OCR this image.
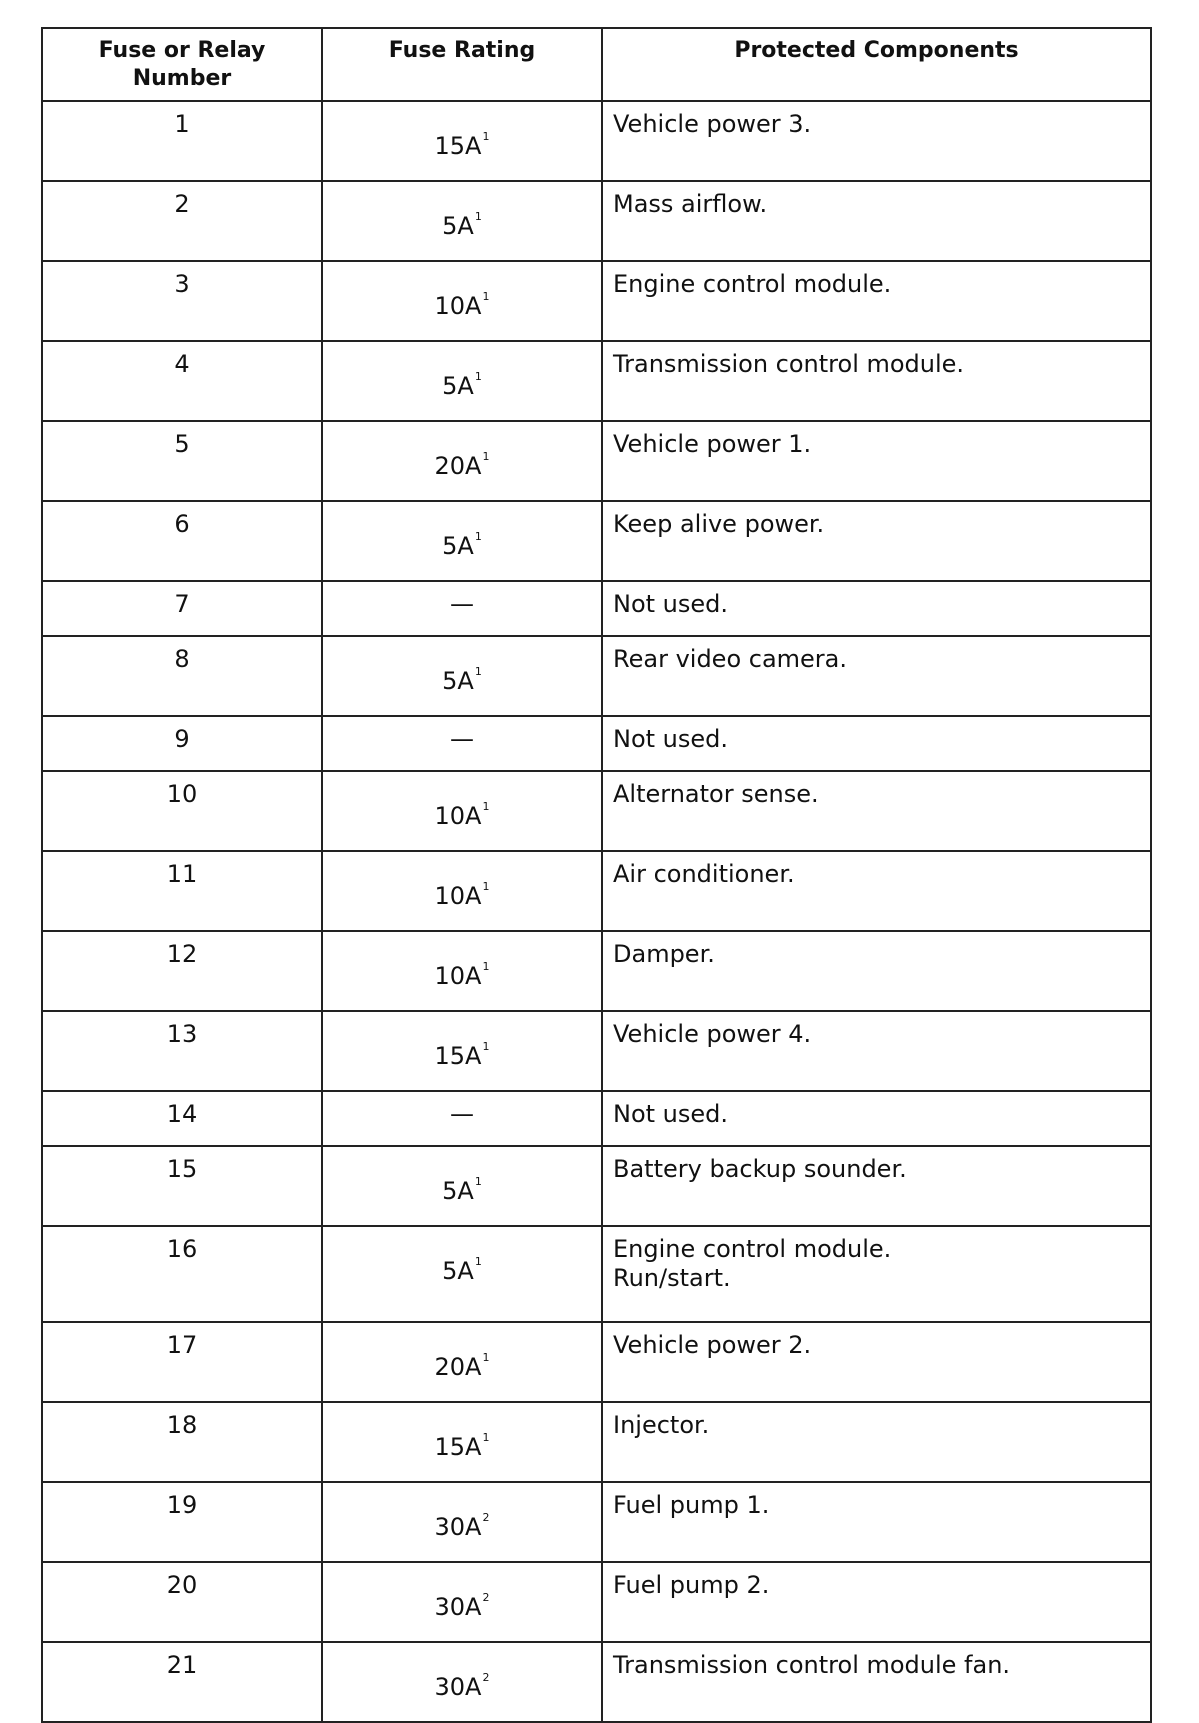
Fuse or Relay
Number	Fuse Rating	Protected Components
1	15A$^1$	Vehicle power 3.
2	5A$^1$	Mass airflow.
3	10A$^1$	Engine control module.
4	5A$^1$	Transmission control module.
5	20A$^1$	Vehicle power 1.
6	5A$^1$	Keep alive power.
7	—	Not used.
8	5A$^1$	Rear video camera.
9	—	Not used.
10	10A$^1$	Alternator sense.
11	10A$^1$	Air conditioner.
12	10A$^1$	Damper.
13	15A$^1$	Vehicle power 4.
14	—	Not used.
15	5A$^1$	Battery backup sounder.
16	5A$^1$	Engine control module.
Run/start.
17	20A$^1$	Vehicle power 2.
18	15A$^1$	Injector.
19	30A$^2$	Fuel pump 1.
20	30A$^2$	Fuel pump 2.
21	30A$^2$	Transmission control module fan.
